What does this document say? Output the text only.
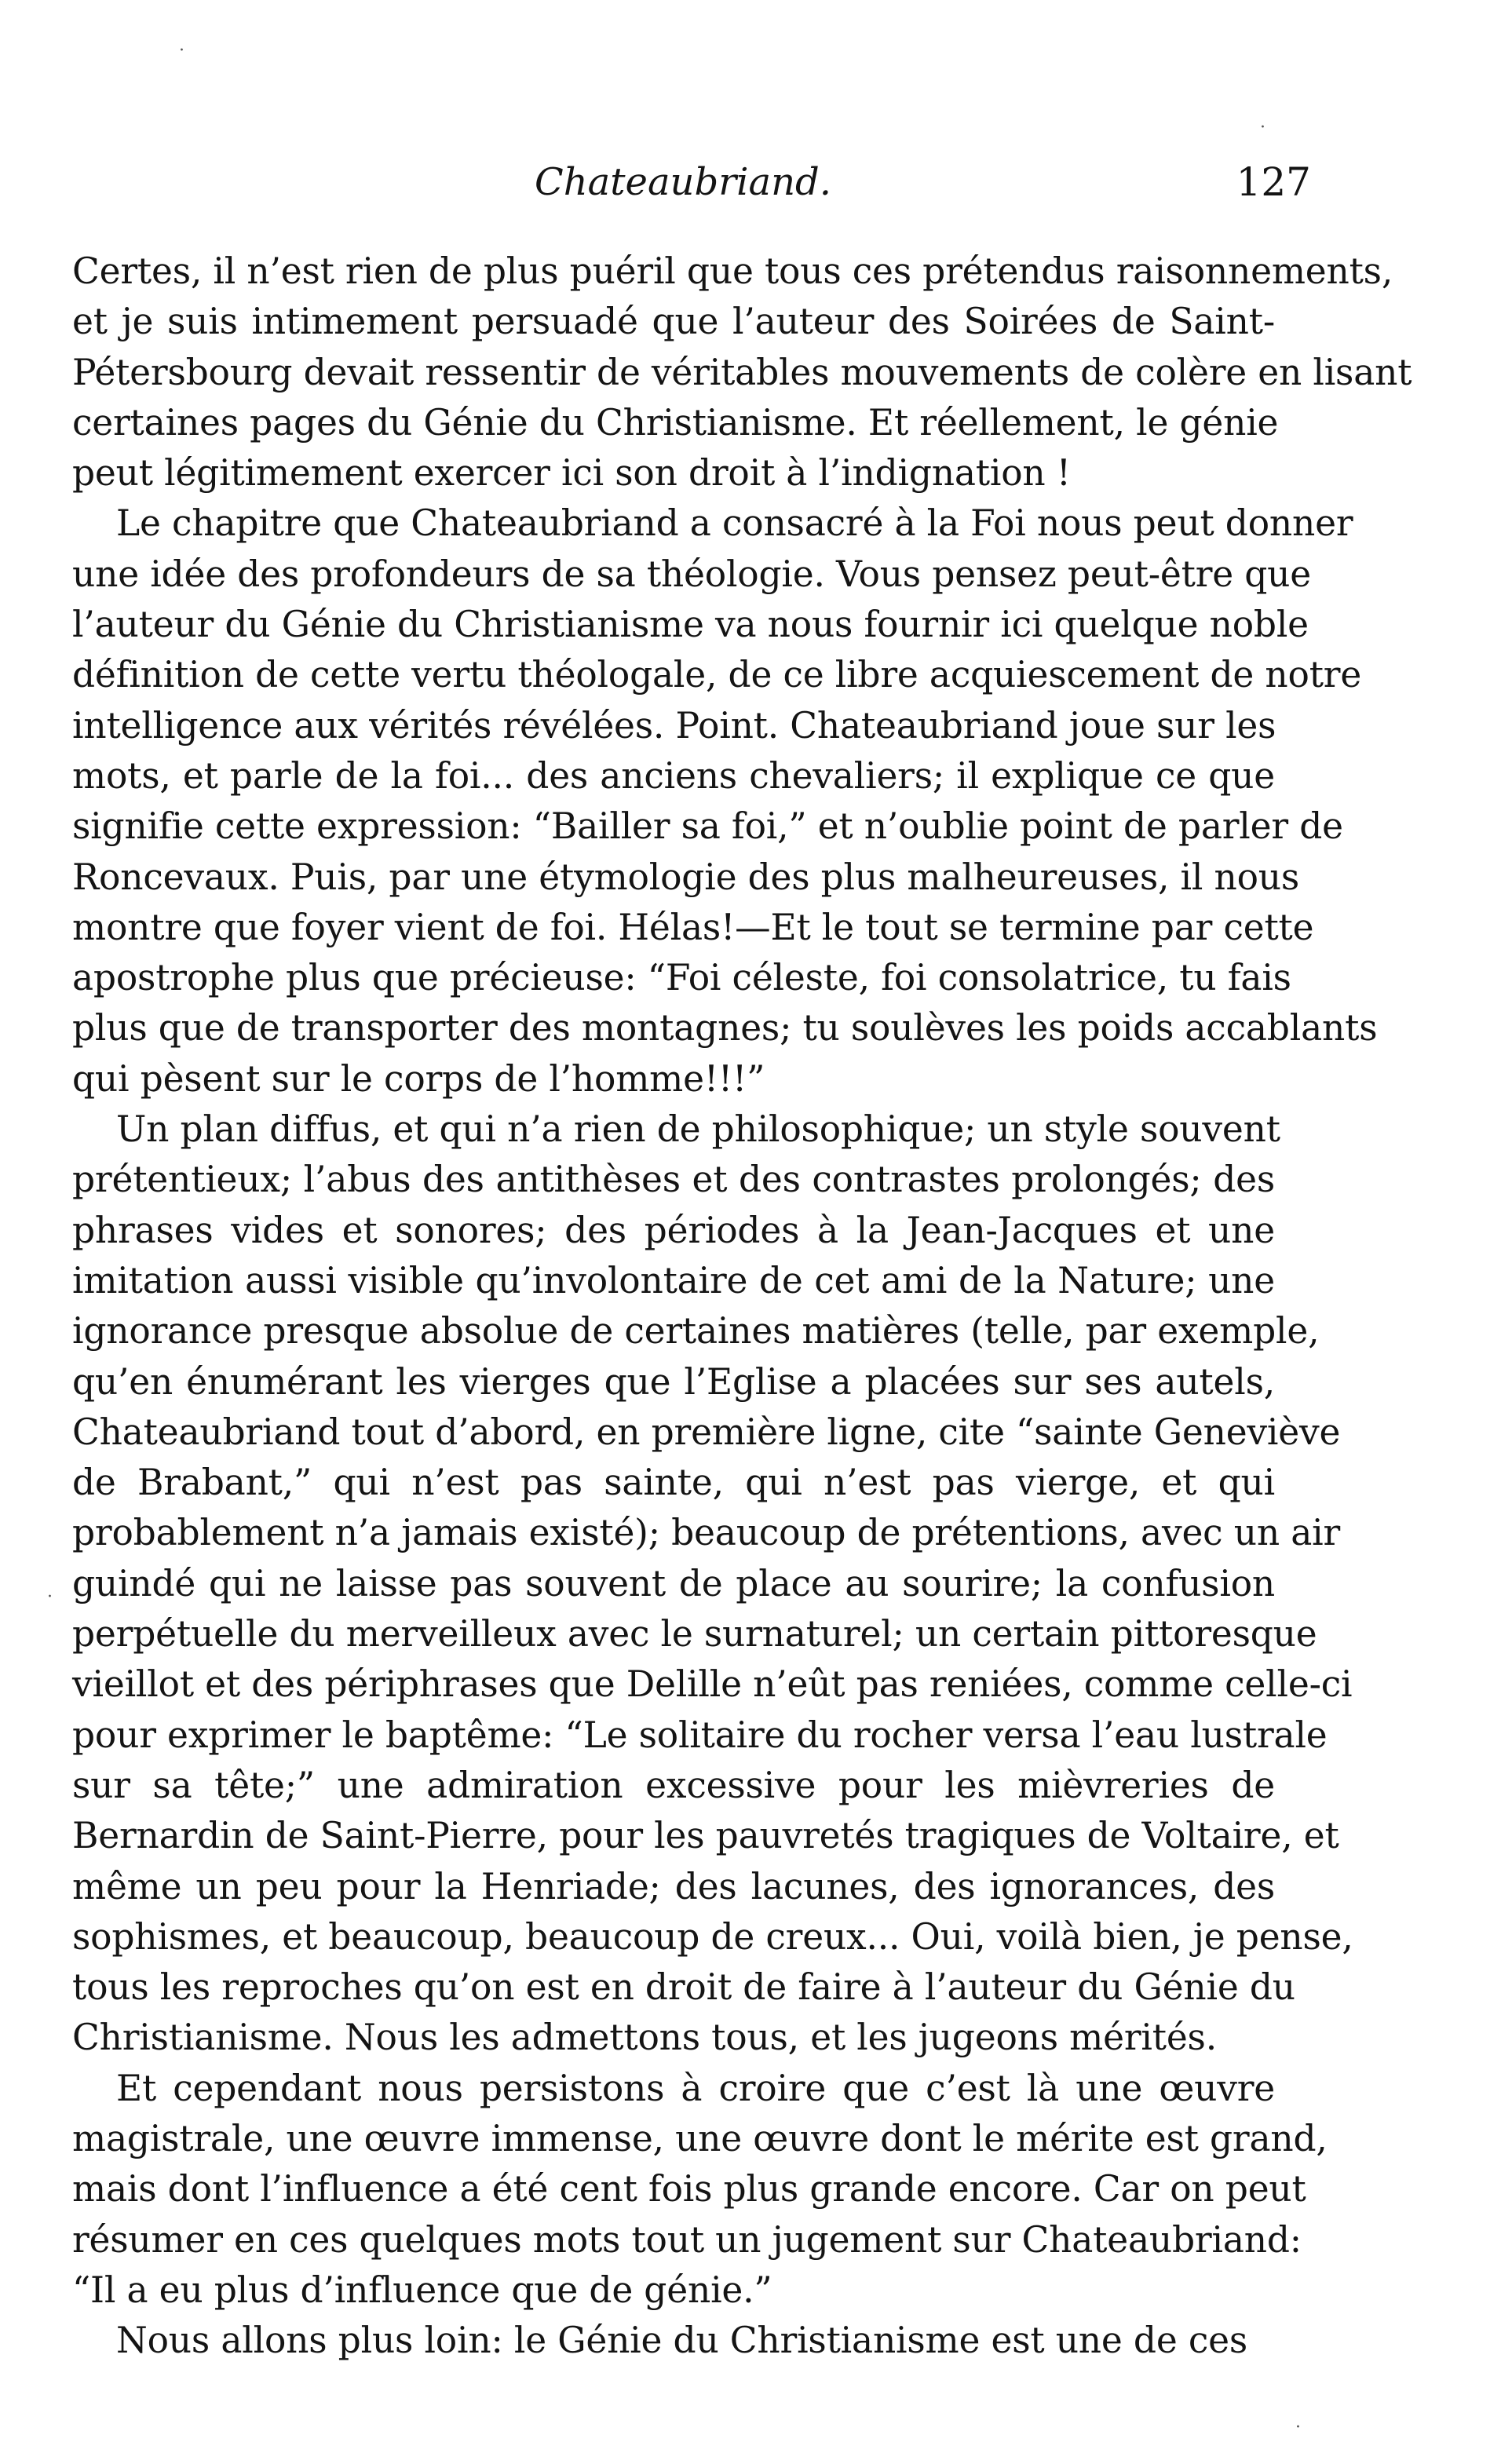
Chateaubriand.	127
Certes, il n’est rien de plus puéril que tous ces prétendus raisonnements,
et je suis intimement persuadé que l’auteur des Soirées de Saint-
Pétersbourg devait ressentir de véritables mouvements de colère en lisant
certaines pages du Génie du Christianisme. Et réellement, le génie
peut légitimement exercer ici son droit à l’indignation !
Le chapitre que Chateaubriand a consacré à la Foi nous peut donner
une idée des profondeurs de sa théologie. Vous pensez peut-être que
l’auteur du Génie du Christianisme va nous fournir ici quelque noble
définition de cette vertu théologale, de ce libre acquiescement de notre
intelligence aux vérités révélées. Point. Chateaubriand joue sur les
mots, et parle de la foi... des anciens chevaliers; il explique ce que
signifie cette expression: “Bailler sa foi,” et n’oublie point de parler de
Roncevaux. Puis, par une étymologie des plus malheureuses, il nous
montre que foyer vient de foi. Hélas!—Et le tout se termine par cette
apostrophe plus que précieuse: “Foi céleste, foi consolatrice, tu fais
plus que de transporter des montagnes; tu soulèves les poids accablants
qui pèsent sur le corps de l’homme!!!”
Un plan diffus, et qui n’a rien de philosophique; un style souvent
prétentieux; l’abus des antithèses et des contrastes prolongés; des
phrases vides et sonores; des périodes à la Jean-Jacques et une
imitation aussi visible qu’involontaire de cet ami de la Nature; une
ignorance presque absolue de certaines matières (telle, par exemple,
qu’en énumérant les vierges que l’Eglise a placées sur ses autels,
Chateaubriand tout d’abord, en première ligne, cite “sainte Geneviève
de Brabant,” qui n’est pas sainte, qui n’est pas vierge, et qui
probablement n’a jamais existé); beaucoup de prétentions, avec un air
guindé qui ne laisse pas souvent de place au sourire; la confusion
perpétuelle du merveilleux avec le surnaturel; un certain pittoresque
vieillot et des périphrases que Delille n’eût pas reniées, comme celle-ci
pour exprimer le baptême: “Le solitaire du rocher versa l’eau lustrale
sur sa tête;” une admiration excessive pour les mièvreries de
Bernardin de Saint-Pierre, pour les pauvretés tragiques de Voltaire, et
même un peu pour la Henriade; des lacunes, des ignorances, des
sophismes, et beaucoup, beaucoup de creux... Oui, voilà bien, je pense,
tous les reproches qu’on est en droit de faire à l’auteur du Génie du
Christianisme. Nous les admettons tous, et les jugeons mérités.
Et cependant nous persistons à croire que c’est là une œuvre
magistrale, une œuvre immense, une œuvre dont le mérite est grand,
mais dont l’influence a été cent fois plus grande encore. Car on peut
résumer en ces quelques mots tout un jugement sur Chateaubriand:
“Il a eu plus d’influence que de génie.”
Nous allons plus loin: le Génie du Christianisme est une de ces
·
·
·
·
